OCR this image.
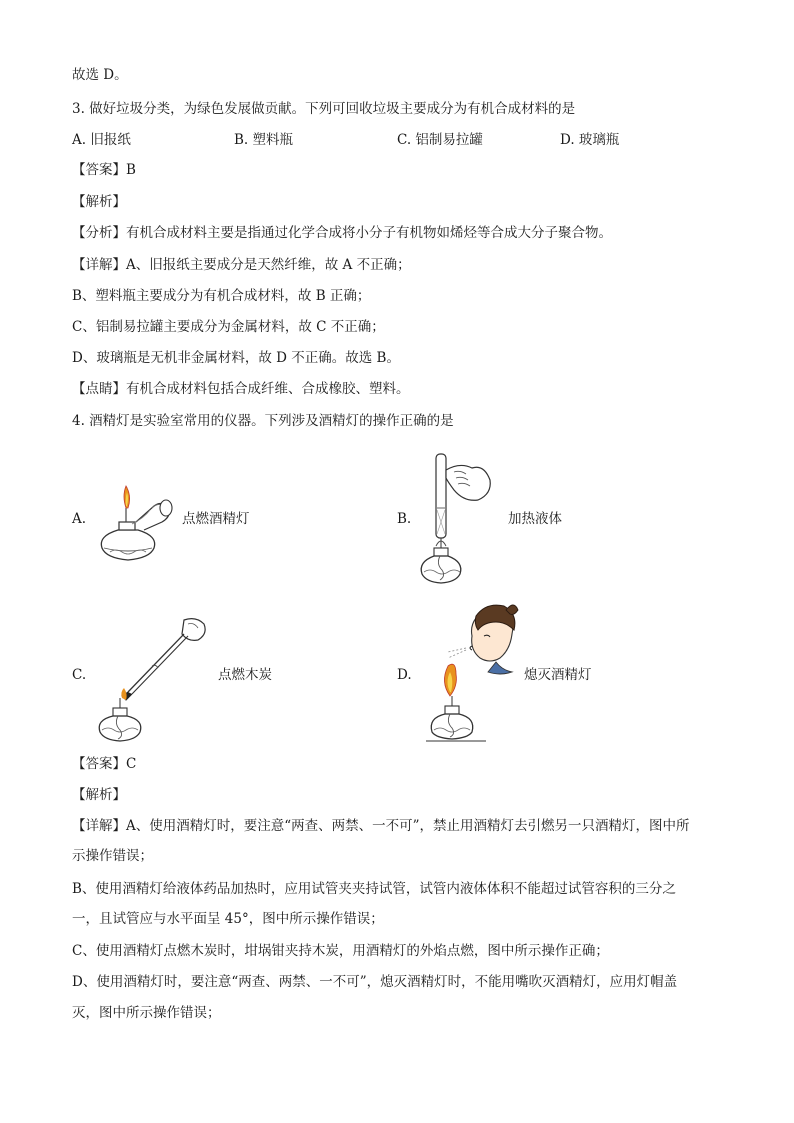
故选 D。
3. 做好垃圾分类，为绿色发展做贡献。下列可回收垃圾主要成分为有机合成材料的是
A. 旧报纸	B. 塑料瓶	C. 铝制易拉罐	D. 玻璃瓶
【答案】B
【解析】
【分析】有机合成材料主要是指通过化学合成将小分子有机物如烯烃等合成大分子聚合物。
【详解】A、旧报纸主要成分是天然纤维，故 A 不正确；
B、塑料瓶主要成分为有机合成材料，故 B 正确；
C、铝制易拉罐主要成分为金属材料，故 C 不正确；
D、玻璃瓶是无机非金属材料，故 D 不正确。故选 B。
【点睛】有机合成材料包括合成纤维、合成橡胶、塑料。
4. 酒精灯是实验室常用的仪器。下列涉及酒精灯的操作正确的是
A.	点燃酒精灯	B.	加热液体
C.	点燃木炭	D.	熄灭酒精灯
【答案】C
【解析】
【详解】A、使用酒精灯时，要注意“两查、两禁、一不可”，禁止用酒精灯去引燃另一只酒精灯，图中所
示操作错误；
B、使用酒精灯给液体药品加热时，应用试管夹夹持试管，试管内液体体积不能超过试管容积的三分之
一，且试管应与水平面呈 45°，图中所示操作错误；
C、使用酒精灯点燃木炭时，坩埚钳夹持木炭，用酒精灯的外焰点燃，图中所示操作正确；
D、使用酒精灯时，要注意“两查、两禁、一不可”，熄灭酒精灯时，不能用嘴吹灭酒精灯，应用灯帽盖
灭，图中所示操作错误；
